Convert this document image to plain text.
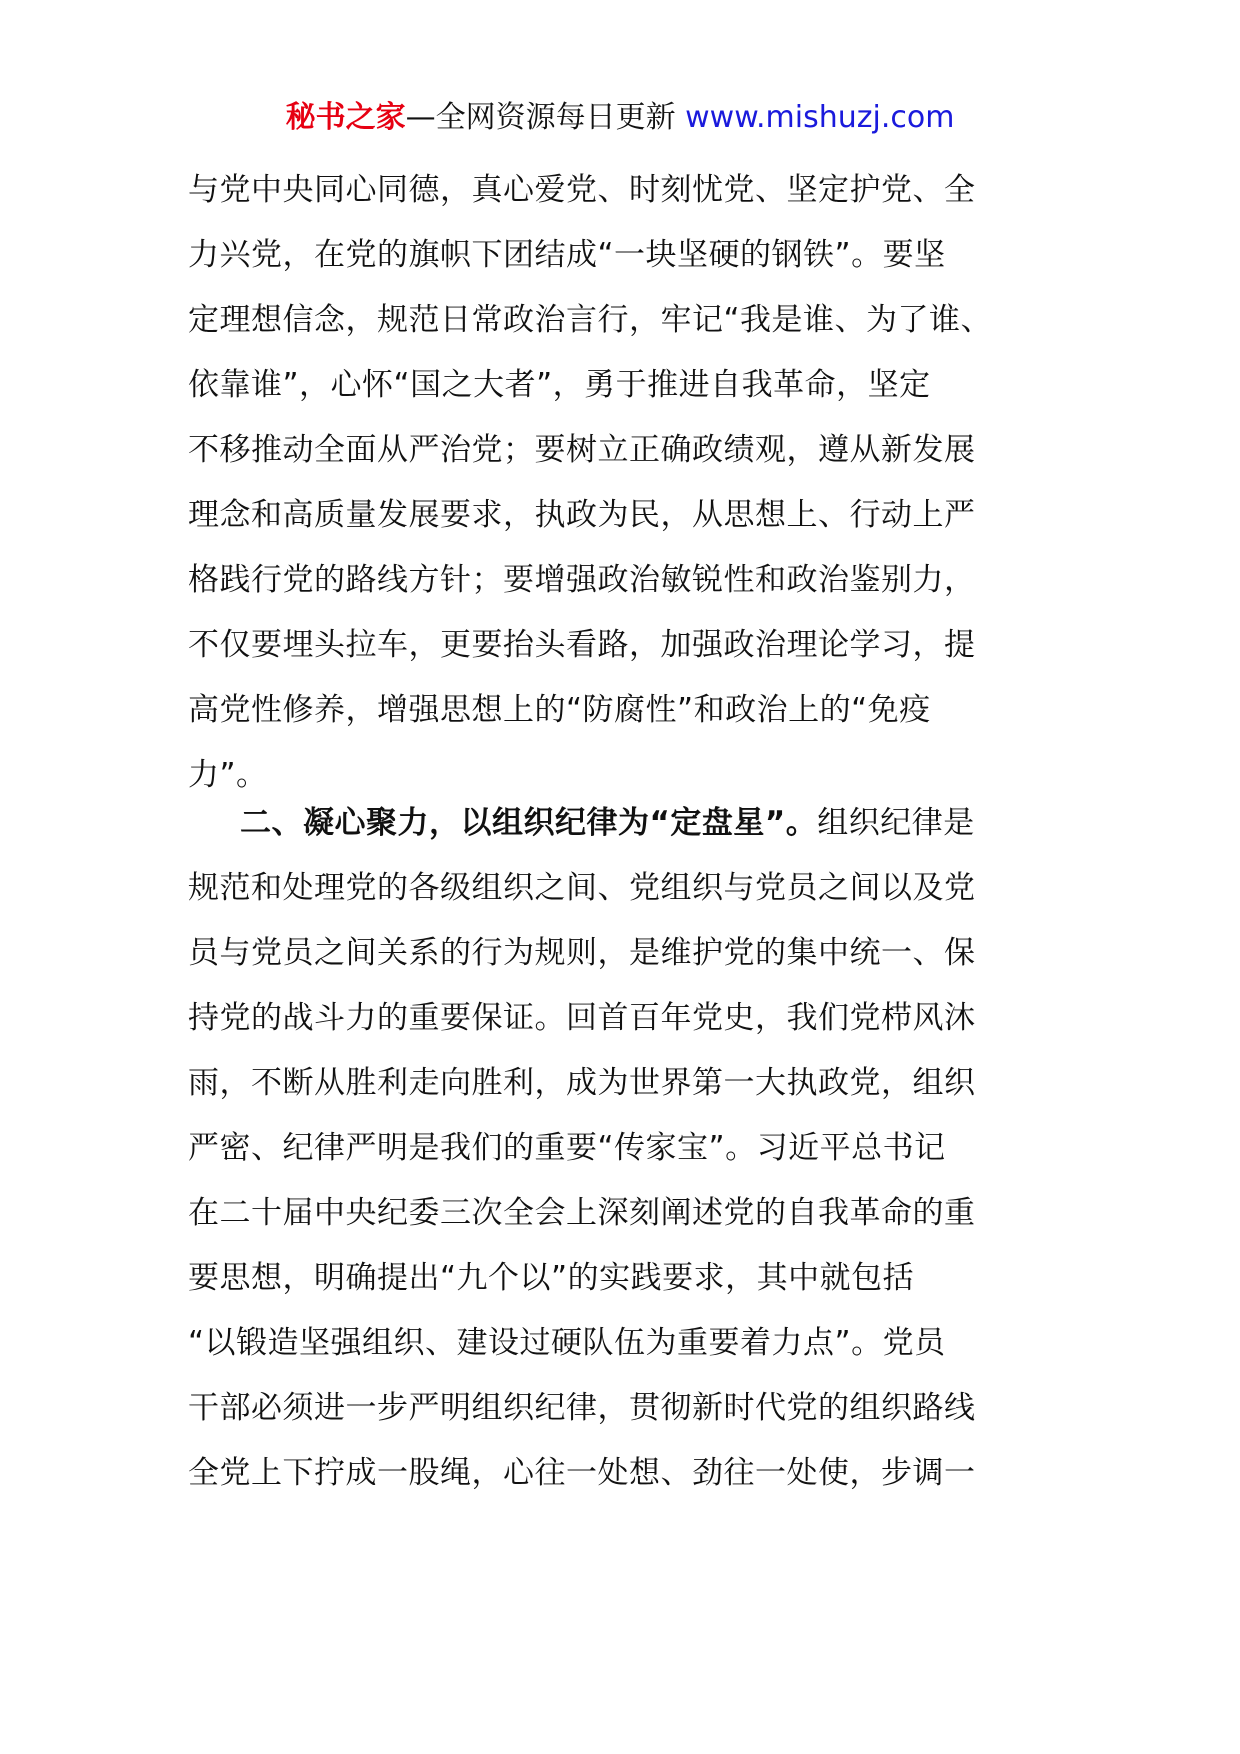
秘书之家—全网资源每日更新 www.mishuzj.com
与党中央同心同德，真心爱党、时刻忧党、坚定护党、全
力兴党，在党的旗帜下团结成“一块坚硬的钢铁”。要坚
定理想信念，规范日常政治言行，牢记“我是谁、为了谁、
依靠谁”，心怀“国之大者”，勇于推进自我革命，坚定
不移推动全面从严治党；要树立正确政绩观，遵从新发展
理念和高质量发展要求，执政为民，从思想上、行动上严
格践行党的路线方针；要增强政治敏锐性和政治鉴别力，
不仅要埋头拉车，更要抬头看路，加强政治理论学习，提
高党性修养，增强思想上的“防腐性”和政治上的“免疫
力”。
二、凝心聚力，以组织纪律为“定盘星”。组织纪律是
规范和处理党的各级组织之间、党组织与党员之间以及党
员与党员之间关系的行为规则，是维护党的集中统一、保
持党的战斗力的重要保证。回首百年党史，我们党栉风沐
雨，不断从胜利走向胜利，成为世界第一大执政党，组织
严密、纪律严明是我们的重要“传家宝”。习近平总书记
在二十届中央纪委三次全会上深刻阐述党的自我革命的重
要思想，明确提出“九个以”的实践要求，其中就包括
“以锻造坚强组织、建设过硬队伍为重要着力点”。党员
干部必须进一步严明组织纪律，贯彻新时代党的组织路线
全党上下拧成一股绳，心往一处想、劲往一处使，步调一
